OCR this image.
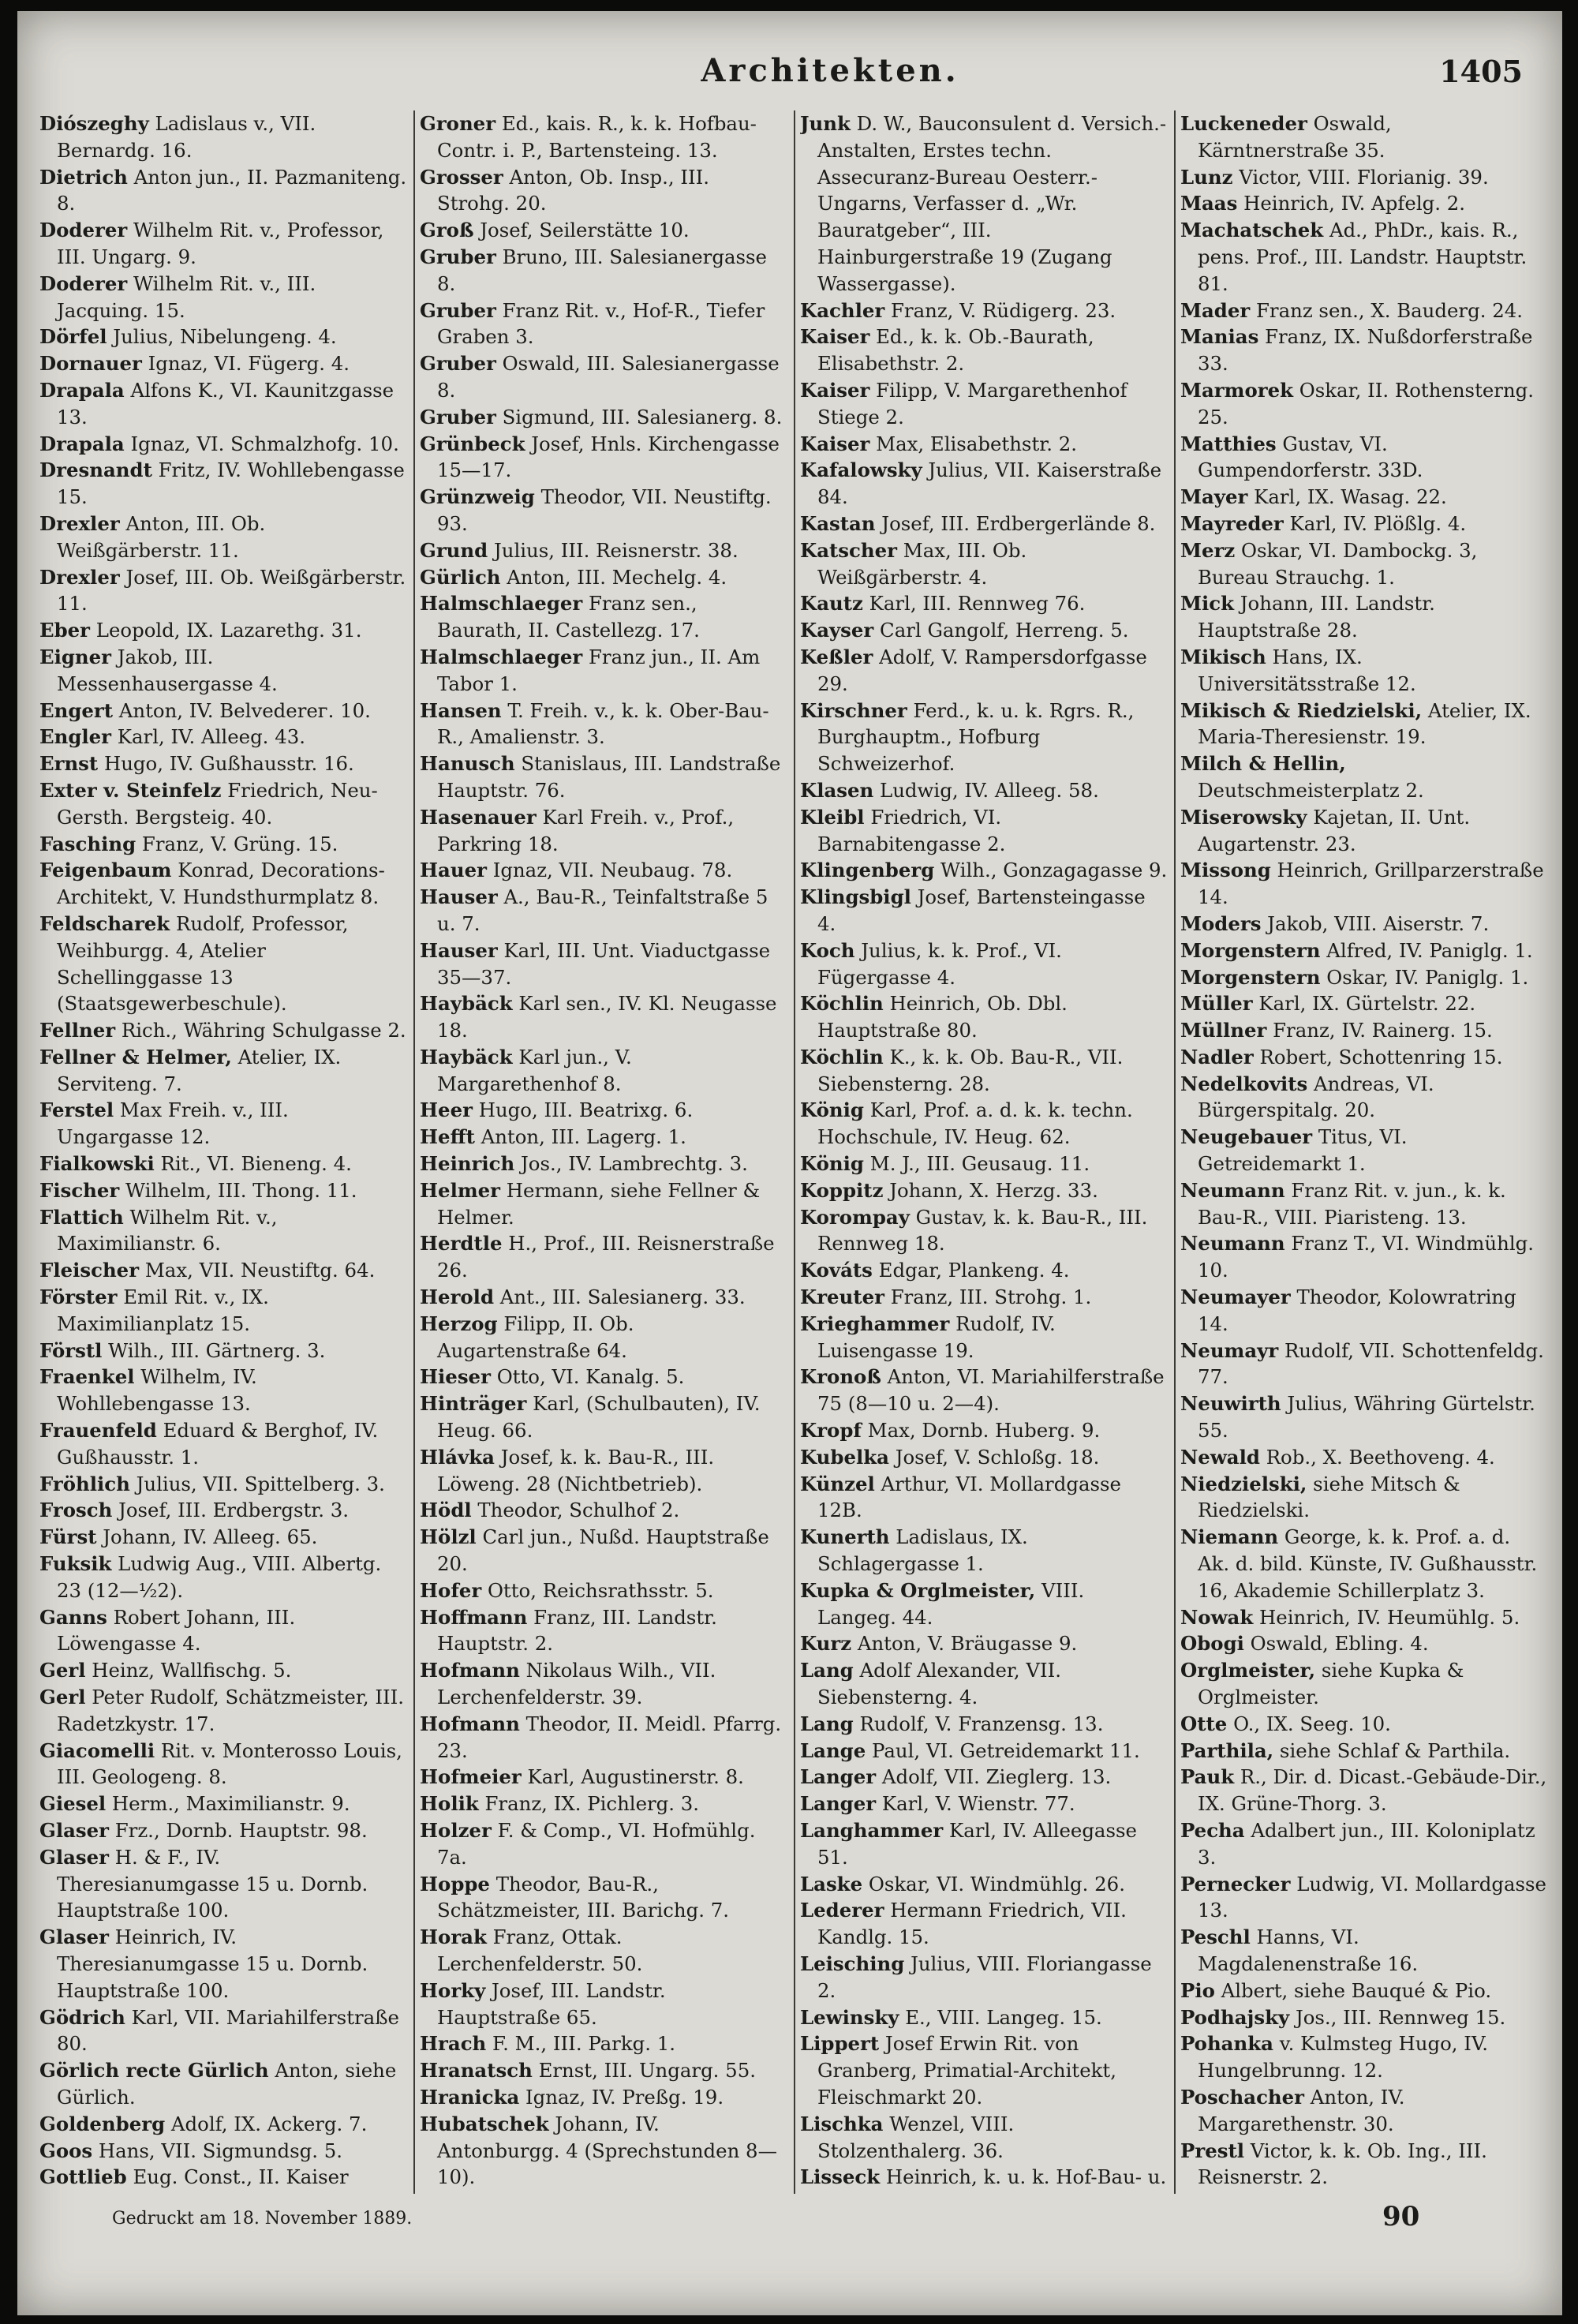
Architekten.	1405
Diószeghy Ladislaus v., VII. Bernardg. 16.
Dietrich Anton jun., II. Pazmaniteng. 8.
Doderer Wilhelm Rit. v., Professor, III. Ungarg. 9.
Doderer Wilhelm Rit. v., III. Jacquing. 15.
Dörfel Julius, Nibelungeng. 4.
Dornauer Ignaz, VI. Fügerg. 4.
Drapala Alfons K., VI. Kaunitzgasse 13.
Drapala Ignaz, VI. Schmalzhofg. 10.
Dresnandt Fritz, IV. Wohllebengasse 15.
Drexler Anton, III. Ob. Weißgärberstr. 11.
Drexler Josef, III. Ob. Weißgärberstr. 11.
Eber Leopold, IX. Lazarethg. 31.
Eigner Jakob, III. Messenhausergasse 4.
Engert Anton, IV. Belvederег. 10.
Engler Karl, IV. Alleeg. 43.
Ernst Hugo, IV. Gußhausstr. 16.
Exter v. Steinfelz Friedrich, Neu-Gersth. Bergsteig. 40.
Fasching Franz, V. Grüng. 15.
Feigenbaum Konrad, Decorations-Architekt, V. Hundsthurmplatz 8.
Feldscharek Rudolf, Professor, Weihburgg. 4, Atelier Schellinggasse 13 (Staatsgewerbeschule).
Fellner Rich., Währing Schulgasse 2.
Fellner & Helmer, Atelier, IX. Serviteng. 7.
Ferstel Max Freih. v., III. Ungargasse 12.
Fialkowski Rit., VI. Bieneng. 4.
Fischer Wilhelm, III. Thong. 11.
Flattich Wilhelm Rit. v., Maximilianstr. 6.
Fleischer Max, VII. Neustiftg. 64.
Förster Emil Rit. v., IX. Maximilianplatz 15.
Förstl Wilh., III. Gärtnerg. 3.
Fraenkel Wilhelm, IV. Wohllebengasse 13.
Frauenfeld Eduard & Berghof, IV. Gußhausstr. 1.
Fröhlich Julius, VII. Spittelberg. 3.
Frosch Josef, III. Erdbergstr. 3.
Fürst Johann, IV. Alleeg. 65.
Fuksik Ludwig Aug., VIII. Albertg. 23 (12—½2).
Ganns Robert Johann, III. Löwengasse 4.
Gerl Heinz, Wallfischg. 5.
Gerl Peter Rudolf, Schätzmeister, III. Radetzkystr. 17.
Giacomelli Rit. v. Monterosso Louis, III. Geologeng. 8.
Giesel Herm., Maximilianstr. 9.
Glaser Frz., Dornb. Hauptstr. 98.
Glaser H. & F., IV. Theresianumgasse 15 u. Dornb. Hauptstraße 100.
Glaser Heinrich, IV. Theresianumgasse 15 u. Dornb. Hauptstraße 100.
Gödrich Karl, VII. Mariahilferstraße 80.
Görlich recte Gürlich Anton, siehe Gürlich.
Goldenberg Adolf, IX. Ackerg. 7.
Goos Hans, VII. Sigmundsg. 5.
Gottlieb Eug. Const., II. Kaiser
Groner Ed., kais. R., k. k. Hofbau-Contr. i. P., Bartensteing. 13.
Grosser Anton, Ob. Insp., III. Strohg. 20.
Groß Josef, Seilerstätte 10.
Gruber Bruno, III. Salesianergasse 8.
Gruber Franz Rit. v., Hof-R., Tiefer Graben 3.
Gruber Oswald, III. Salesianergasse 8.
Gruber Sigmund, III. Salesianerg. 8.
Grünbeck Josef, Hnls. Kirchengasse 15—17.
Grünzweig Theodor, VII. Neustiftg. 93.
Grund Julius, III. Reisnerstr. 38.
Gürlich Anton, III. Mechelg. 4.
Halmschlaeger Franz sen., Baurath, II. Castellezg. 17.
Halmschlaeger Franz jun., II. Am Tabor 1.
Hansen T. Freih. v., k. k. Ober-Bau-R., Amalienstr. 3.
Hanusch Stanislaus, III. Landstraße Hauptstr. 76.
Hasenauer Karl Freih. v., Prof., Parkring 18.
Hauer Ignaz, VII. Neubaug. 78.
Hauser A., Bau-R., Teinfaltstraße 5 u. 7.
Hauser Karl, III. Unt. Viaductgasse 35—37.
Haybäck Karl sen., IV. Kl. Neugasse 18.
Haybäck Karl jun., V. Margarethenhof 8.
Heer Hugo, III. Beatrixg. 6.
Hefft Anton, III. Lagerg. 1.
Heinrich Jos., IV. Lambrechtg. 3.
Helmer Hermann, siehe Fellner & Helmer.
Herdtle H., Prof., III. Reisnerstraße 26.
Herold Ant., III. Salesianerg. 33.
Herzog Filipp, II. Ob. Augartenstraße 64.
Hieser Otto, VI. Kanalg. 5.
Hinträger Karl, (Schulbauten), IV. Heug. 66.
Hlávka Josef, k. k. Bau-R., III. Löweng. 28 (Nichtbetrieb).
Hödl Theodor, Schulhof 2.
Hölzl Carl jun., Nußd. Hauptstraße 20.
Hofer Otto, Reichsrathsstr. 5.
Hoffmann Franz, III. Landstr. Hauptstr. 2.
Hofmann Nikolaus Wilh., VII. Lerchenfelderstr. 39.
Hofmann Theodor, II. Meidl. Pfarrg. 23.
Hofmeier Karl, Augustinerstr. 8.
Holik Franz, IX. Pichlerg. 3.
Holzer F. & Comp., VI. Hofmühlg. 7a.
Hoppe Theodor, Bau-R., Schätzmeister, III. Barichg. 7.
Horak Franz, Ottak. Lerchenfelderstr. 50.
Horky Josef, III. Landstr. Hauptstraße 65.
Hrach F. M., III. Parkg. 1.
Hranatsch Ernst, III. Ungarg. 55.
Hranicka Ignaz, IV. Preßg. 19.
Hubatschek Johann, IV. Antonburgg. 4 (Sprechstunden 8—10).
Junk D. W., Bauconsulent d. Versich.-Anstalten, Erstes techn. Assecuranz-Bureau Oesterr.-Ungarns, Verfasser d. „Wr. Bauratgeber“, III. Hainburgerstraße 19 (Zugang Wassergasse).
Kachler Franz, V. Rüdigerg. 23.
Kaiser Ed., k. k. Ob.-Baurath, Elisabethstr. 2.
Kaiser Filipp, V. Margarethenhof Stiege 2.
Kaiser Max, Elisabethstr. 2.
Kafalowsky Julius, VII. Kaiserstraße 84.
Kastan Josef, III. Erdbergerlände 8.
Katscher Max, III. Ob. Weißgärberstr. 4.
Kautz Karl, III. Rennweg 76.
Kayser Carl Gangolf, Herreng. 5.
Keßler Adolf, V. Rampersdorfgasse 29.
Kirschner Ferd., k. u. k. Rgrs. R., Burghauptm., Hofburg Schweizerhof.
Klasen Ludwig, IV. Alleeg. 58.
Kleibl Friedrich, VI. Barnabitengasse 2.
Klingenberg Wilh., Gonzagagasse 9.
Klingsbigl Josef, Bartensteingasse 4.
Koch Julius, k. k. Prof., VI. Fügergasse 4.
Köchlin Heinrich, Ob. Dbl. Hauptstraße 80.
Köchlin K., k. k. Ob. Bau-R., VII. Siebensterng. 28.
König Karl, Prof. a. d. k. k. techn. Hochschule, IV. Heug. 62.
König M. J., III. Geusaug. 11.
Koppitz Johann, X. Herzg. 33.
Korompay Gustav, k. k. Bau-R., III. Rennweg 18.
Kováts Edgar, Plankeng. 4.
Kreuter Franz, III. Strohg. 1.
Krieghammer Rudolf, IV. Luisengasse 19.
Kronoß Anton, VI. Mariahilferstraße 75 (8—10 u. 2—4).
Kropf Max, Dornb. Huberg. 9.
Kubelka Josef, V. Schloßg. 18.
Künzel Arthur, VI. Mollardgasse 12B.
Kunerth Ladislaus, IX. Schlagergasse 1.
Kupka & Orglmeister, VIII. Langeg. 44.
Kurz Anton, V. Bräugasse 9.
Lang Adolf Alexander, VII. Siebensterng. 4.
Lang Rudolf, V. Franzensg. 13.
Lange Paul, VI. Getreidemarkt 11.
Langer Adolf, VII. Zieglerg. 13.
Langer Karl, V. Wienstr. 77.
Langhammer Karl, IV. Alleegasse 51.
Laske Oskar, VI. Windmühlg. 26.
Lederer Hermann Friedrich, VII. Kandlg. 15.
Leisching Julius, VIII. Floriangasse 2.
Lewinsky E., VIII. Langeg. 15.
Lippert Josef Erwin Rit. von Granberg, Primatial-Architekt, Fleischmarkt 20.
Lischka Wenzel, VIII. Stolzenthalerg. 36.
Lisseck Heinrich, k. u. k. Hof-Bau- u.
Luckeneder Oswald, Kärntnerstraße 35.
Lunz Victor, VIII. Florianig. 39.
Maas Heinrich, IV. Apfelg. 2.
Machatschek Ad., PhDr., kais. R., pens. Prof., III. Landstr. Hauptstr. 81.
Mader Franz sen., X. Bauderg. 24.
Manias Franz, IX. Nußdorferstraße 33.
Marmorek Oskar, II. Rothensterng. 25.
Matthies Gustav, VI. Gumpendorferstr. 33D.
Mayer Karl, IX. Wasag. 22.
Mayreder Karl, IV. Plößlg. 4.
Merz Oskar, VI. Dambockg. 3, Bureau Strauchg. 1.
Mick Johann, III. Landstr. Hauptstraße 28.
Mikisch Hans, IX. Universitätsstraße 12.
Mikisch & Riedzielski, Atelier, IX. Maria-Theresienstr. 19.
Milch & Hellin, Deutschmeisterplatz 2.
Miserowsky Kajetan, II. Unt. Augartenstr. 23.
Missong Heinrich, Grillparzerstraße 14.
Moders Jakob, VIII. Aiserstr. 7.
Morgenstern Alfred, IV. Paniglg. 1.
Morgenstern Oskar, IV. Paniglg. 1.
Müller Karl, IX. Gürtelstr. 22.
Müllner Franz, IV. Rainerg. 15.
Nadler Robert, Schottenring 15.
Nedelkovits Andreas, VI. Bürgerspitalg. 20.
Neugebauer Titus, VI. Getreidemarkt 1.
Neumann Franz Rit. v. jun., k. k. Bau-R., VIII. Piaristeng. 13.
Neumann Franz T., VI. Windmühlg. 10.
Neumayer Theodor, Kolowratring 14.
Neumayr Rudolf, VII. Schottenfeldg. 77.
Neuwirth Julius, Währing Gürtelstr. 55.
Newald Rob., X. Beethoveng. 4.
Niedzielski, siehe Mitsch & Riedzielski.
Niemann George, k. k. Prof. a. d. Ak. d. bild. Künste, IV. Gußhausstr. 16, Akademie Schillerplatz 3.
Nowak Heinrich, IV. Heumühlg. 5.
Obogi Oswald, Ebling. 4.
Orglmeister, siehe Kupka & Orglmeister.
Otte O., IX. Seeg. 10.
Parthila, siehe Schlaf & Parthila.
Pauk R., Dir. d. Dicast.-Gebäude-Dir., IX. Grüne-Thorg. 3.
Pecha Adalbert jun., III. Koloniplatz 3.
Pernecker Ludwig, VI. Mollardgasse 13.
Peschl Hanns, VI. Magdalenenstraße 16.
Pio Albert, siehe Bauqué & Pio.
Podhajsky Jos., III. Rennweg 15.
Pohanka v. Kulmsteg Hugo, IV. Hungelbrunng. 12.
Poschacher Anton, IV. Margarethenstr. 30.
Prestl Victor, k. k. Ob. Ing., III. Reisnerstr. 2.
Gedruckt am 18. November 1889.	90
